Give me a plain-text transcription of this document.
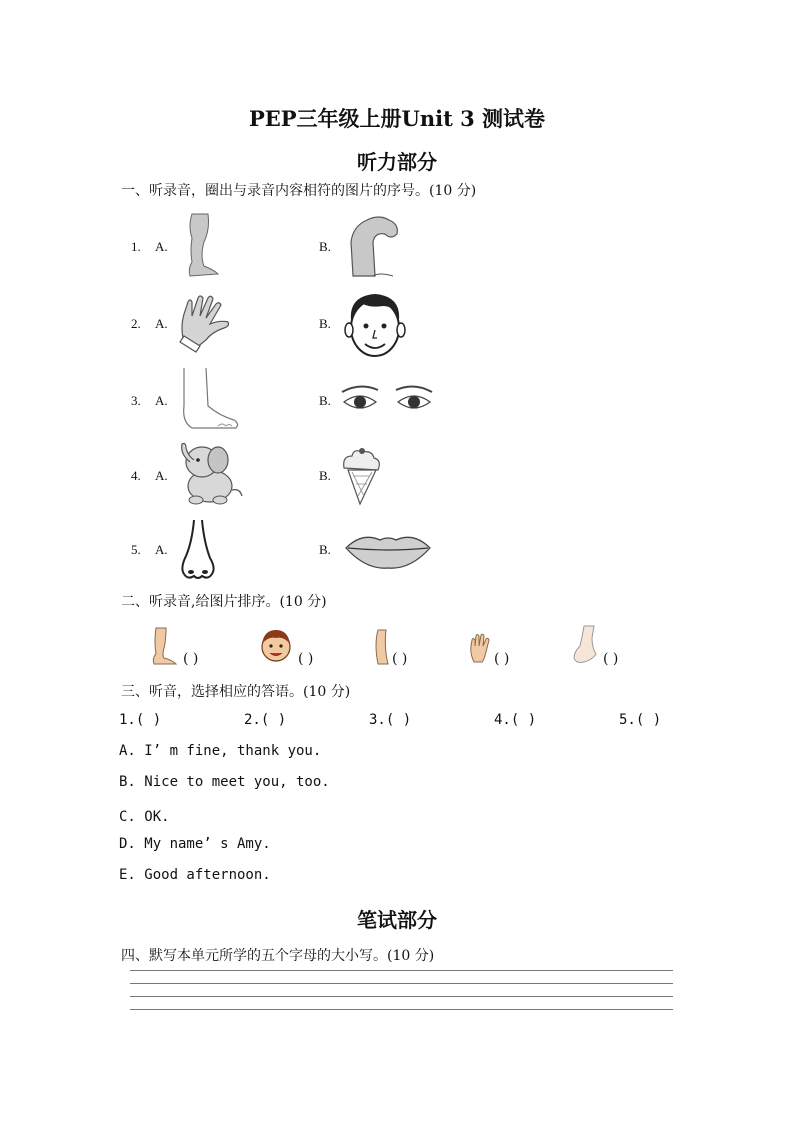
PEP三年级上册Unit 3 测试卷
听力部分
一、听录音，圈出与录音内容相符的图片的序号。(10 分)
1. A.	B.
2. A.	B.
3. A.	B.
4. A.	B.
5. A.	B.
二、听录音,给图片排序。(10 分)
( )	( )	( )	( )	( )
三、听音，选择相应的答语。(10 分)
1.( )	2.( )	3.( )	4.( )	5.( )
A. I’ m fine, thank you.
B. Nice to meet you, too.
C. OK.
D. My name’ s Amy.
E. Good afternoon.
笔试部分
四、默写本单元所学的五个字母的大小写。(10 分)
